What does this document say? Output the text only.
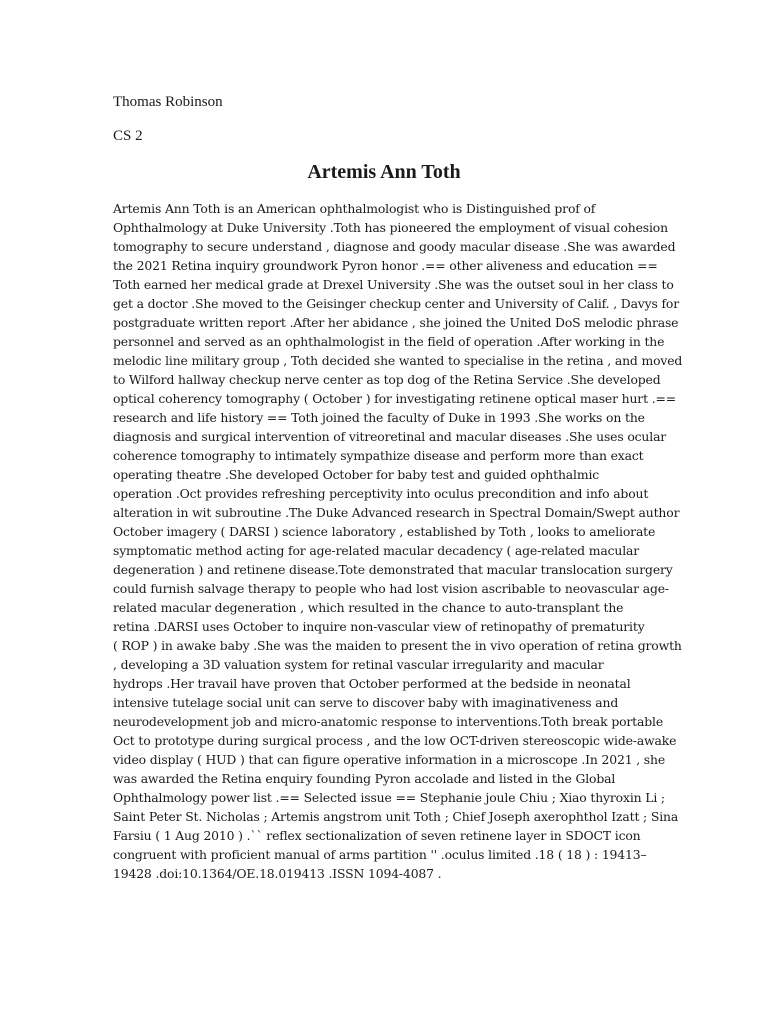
Thomas Robinson
CS 2
Artemis Ann Toth
Artemis Ann Toth is an American ophthalmologist who is Distinguished prof of
Ophthalmology at Duke University .Toth has pioneered the employment of visual cohesion
tomography to secure understand , diagnose and goody macular disease .She was awarded
the 2021 Retina inquiry groundwork Pyron honor .== other aliveness and education ==
Toth earned her medical grade at Drexel University .She was the outset soul in her class to
get a doctor .She moved to the Geisinger checkup center and University of Calif. , Davys for
postgraduate written report .After her abidance , she joined the United DoS melodic phrase
personnel and served as an ophthalmologist in the field of operation .After working in the
melodic line military group , Toth decided she wanted to specialise in the retina , and moved
to Wilford hallway checkup nerve center as top dog of the Retina Service .She developed
optical coherency tomography ( October ) for investigating retinene optical maser hurt .==
research and life history == Toth joined the faculty of Duke in 1993 .She works on the
diagnosis and surgical intervention of vitreoretinal and macular diseases .She uses ocular
coherence tomography to intimately sympathize disease and perform more than exact
operating theatre .She developed October for baby test and guided ophthalmic
operation .Oct provides refreshing perceptivity into oculus precondition and info about
alteration in wit subroutine .The Duke Advanced research in Spectral Domain/Swept author
October imagery ( DARSI ) science laboratory , established by Toth , looks to ameliorate
symptomatic method acting for age-related macular decadency ( age-related macular
degeneration ) and retinene disease.Tote demonstrated that macular translocation surgery
could furnish salvage therapy to people who had lost vision ascribable to neovascular age-
related macular degeneration , which resulted in the chance to auto-transplant the
retina .DARSI uses October to inquire non-vascular view of retinopathy of prematurity
( ROP ) in awake baby .She was the maiden to present the in vivo operation of retina growth
, developing a 3D valuation system for retinal vascular irregularity and macular
hydrops .Her travail have proven that October performed at the bedside in neonatal
intensive tutelage social unit can serve to discover baby with imaginativeness and
neurodevelopment job and micro-anatomic response to interventions.Toth break portable
Oct to prototype during surgical process , and the low OCT-driven stereoscopic wide-awake
video display ( HUD ) that can figure operative information in a microscope .In 2021 , she
was awarded the Retina enquiry founding Pyron accolade and listed in the Global
Ophthalmology power list .== Selected issue == Stephanie joule Chiu ; Xiao thyroxin Li ;
Saint Peter St. Nicholas ; Artemis angstrom unit Toth ; Chief Joseph axerophthol Izatt ; Sina
Farsiu ( 1 Aug 2010 ) .`` reflex sectionalization of seven retinene layer in SDOCT icon
congruent with proficient manual of arms partition '' .oculus limited .18 ( 18 ) : 19413–
19428 .doi:10.1364/OE.18.019413 .ISSN 1094-4087 .
